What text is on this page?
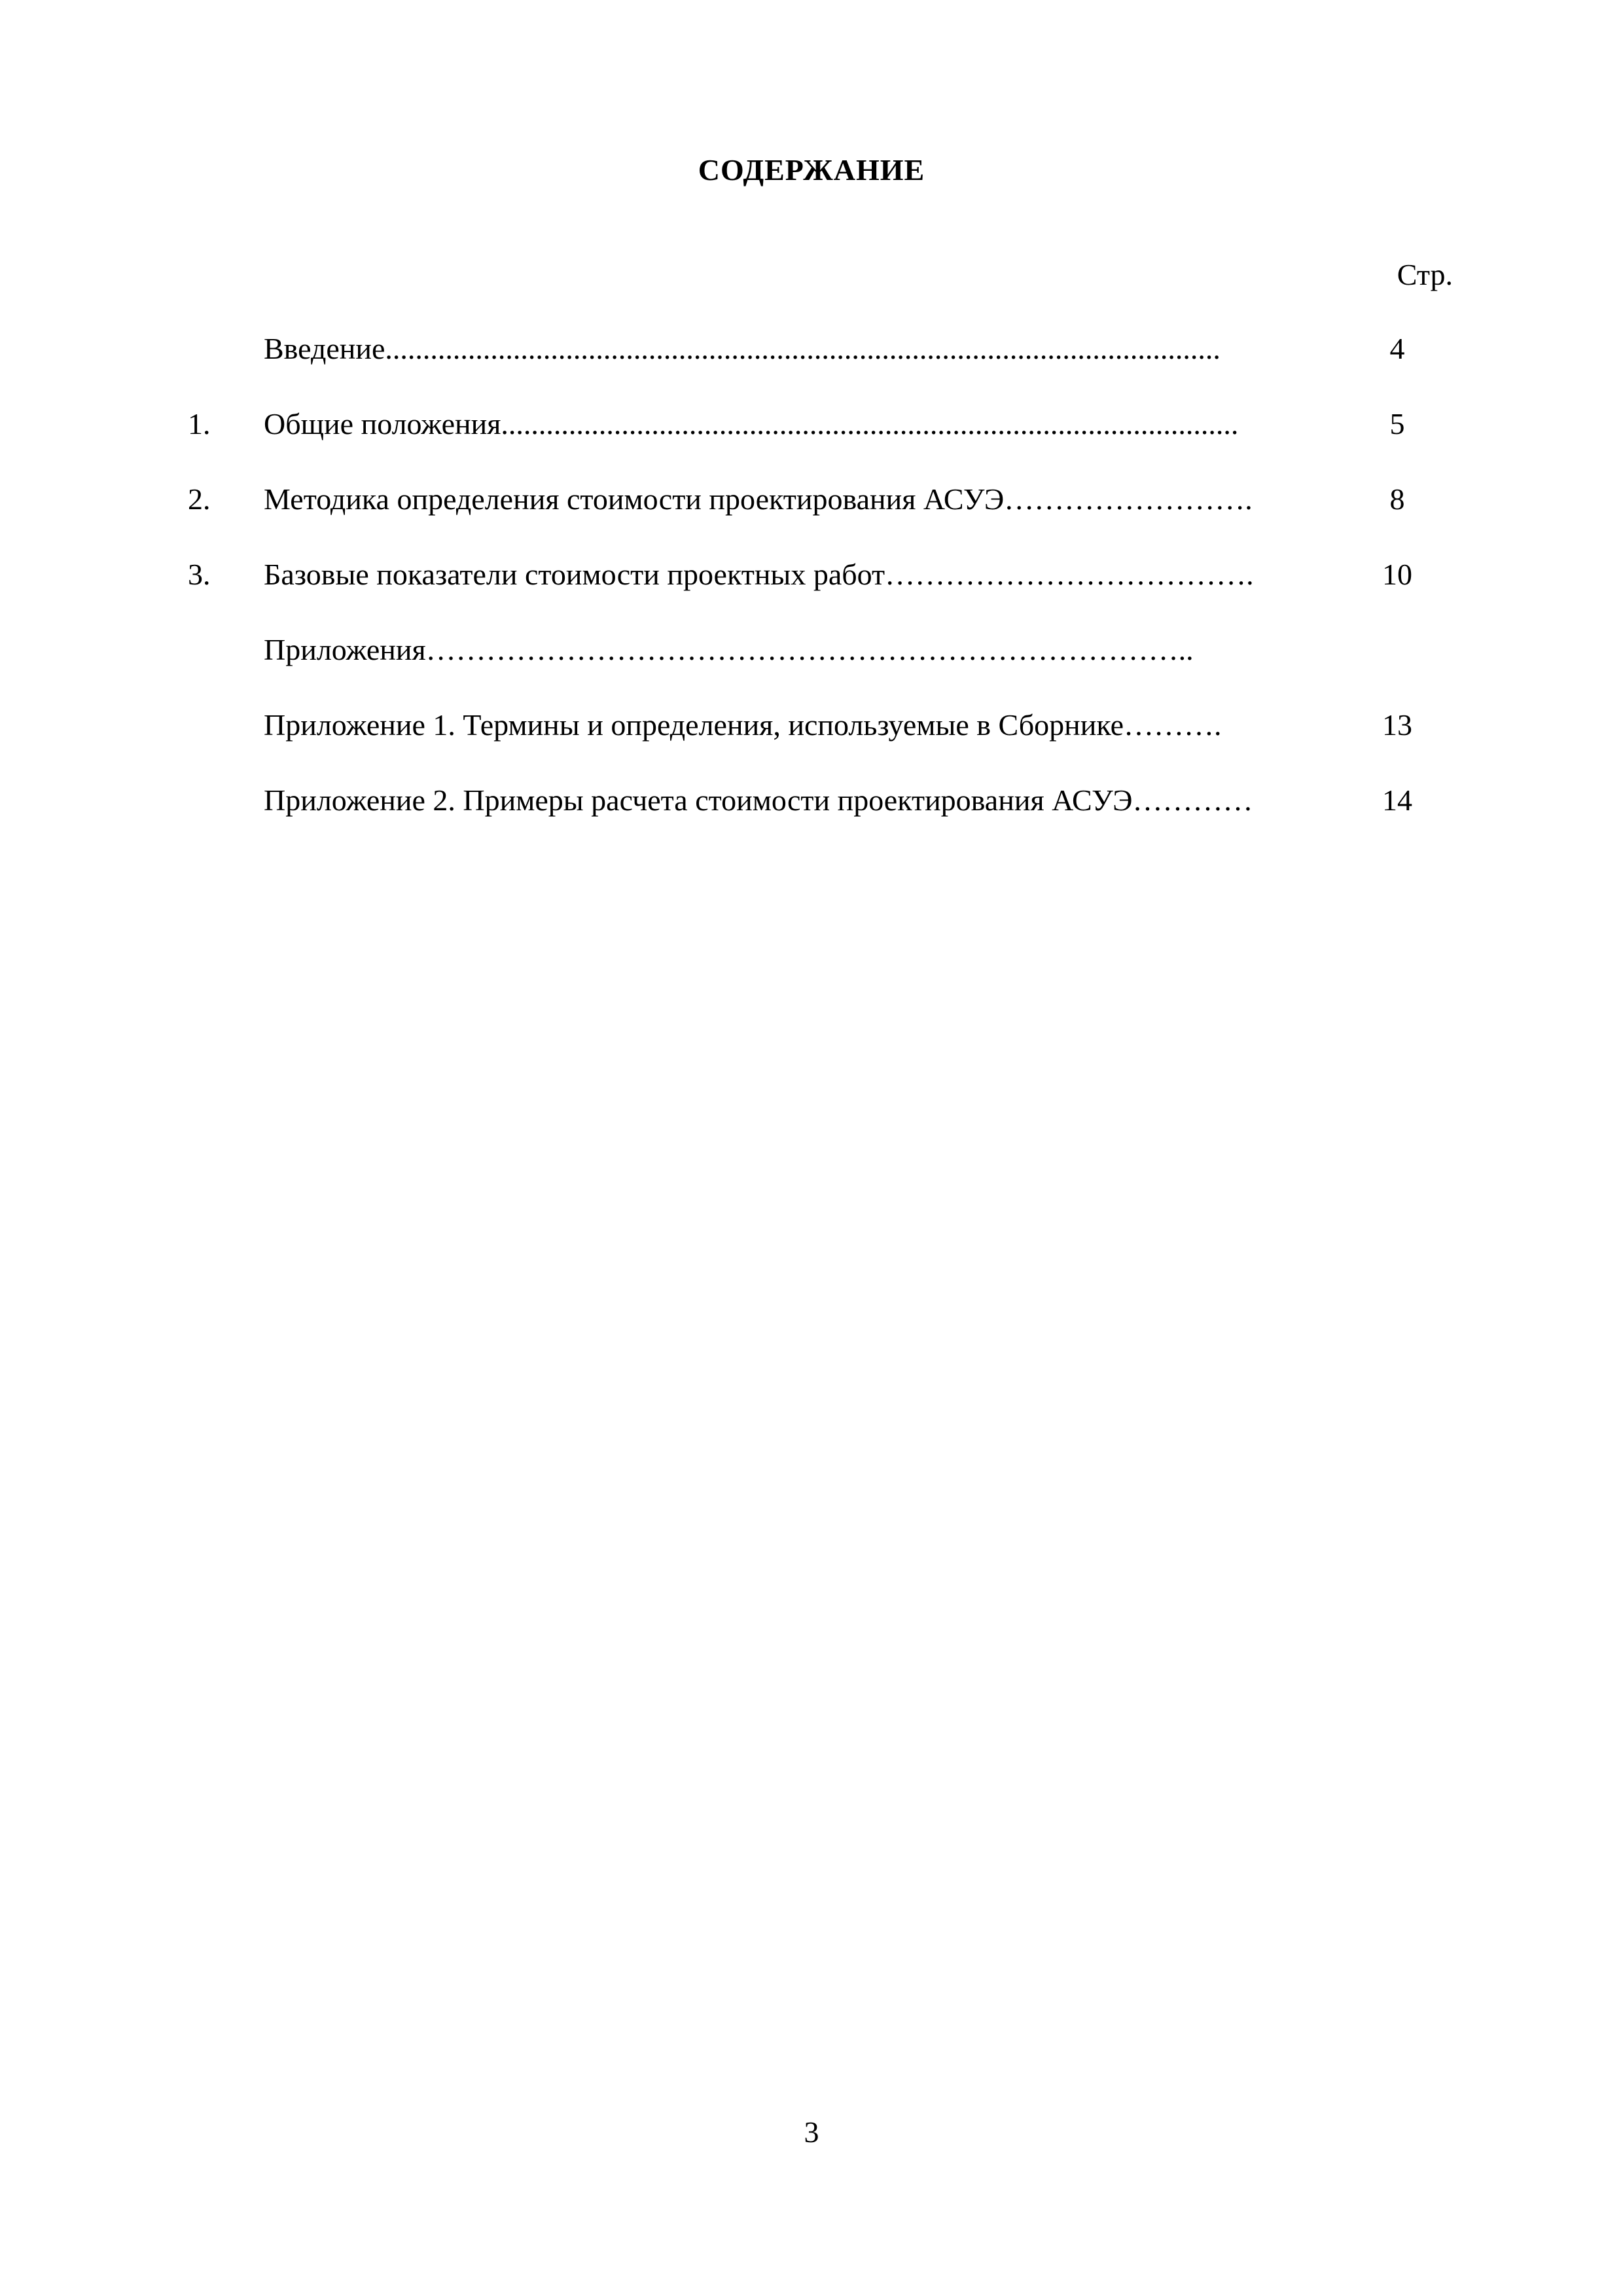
СОДЕРЖАНИЕ
Стр.
Введение...............................................................................................................	4
1. Общие положения..................................................................................................	5
2. Методика определения стоимости проектирования АСУЭ…………………….	8
3. Базовые показатели стоимости проектных работ……………………………….	10
Приложения…………………………………………………………………..
Приложение 1. Термины и определения, используемые в Сборнике……….	13
Приложение 2. Примеры расчета стоимости проектирования АСУЭ…………	14
3
